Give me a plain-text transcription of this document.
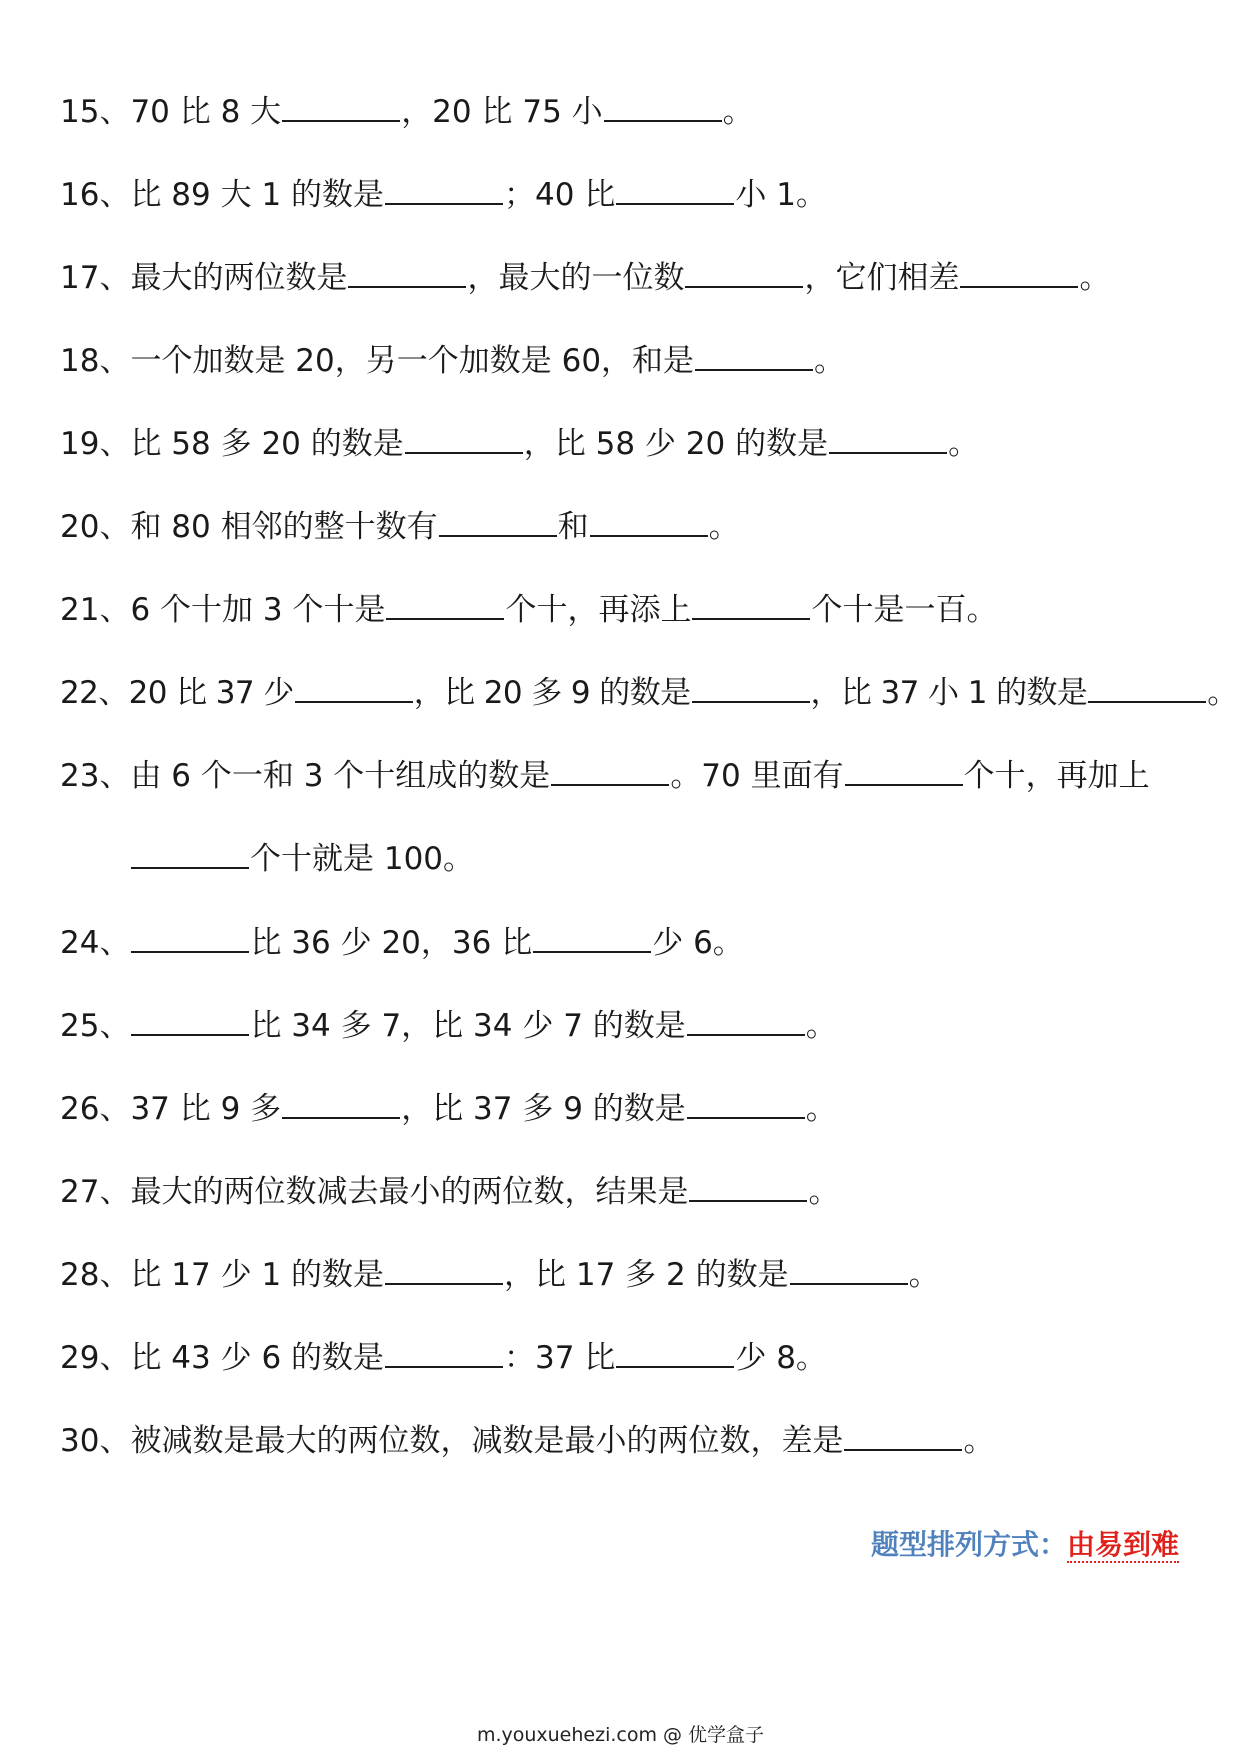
15、70 比 8 大	，20 比 75 小	。
16、比 89 大 1 的数是	；40 比	小 1。
17、最大的两位数是	，最大的一位数	，它们相差	。
18、一个加数是 20，另一个加数是 60，和是	。
19、比 58 多 20 的数是	，比 58 少 20 的数是	。
20、和 80 相邻的整十数有	和	。
21、6 个十加 3 个十是	个十，再添上	个十是一百。
22、20 比 37 少	，比 20 多 9 的数是	，比 37 小 1 的数是	。
23、由 6 个一和 3 个十组成的数是	。70 里面有	个十，再加上个十就是 100。
24、	比 36 少 20，36 比	少 6。
25、	比 34 多 7，比 34 少 7 的数是	。
26、37 比 9 多	，比 37 多 9 的数是	。
27、最大的两位数减去最小的两位数，结果是	。
28、比 17 少 1 的数是	，比 17 多 2 的数是	。
29、比 43 少 6 的数是	：37 比	少 8。
30、被减数是最大的两位数，减数是最小的两位数，差是	。
题型排列方式：由易到难
m.youxuehezi.com @ 优学盒子
